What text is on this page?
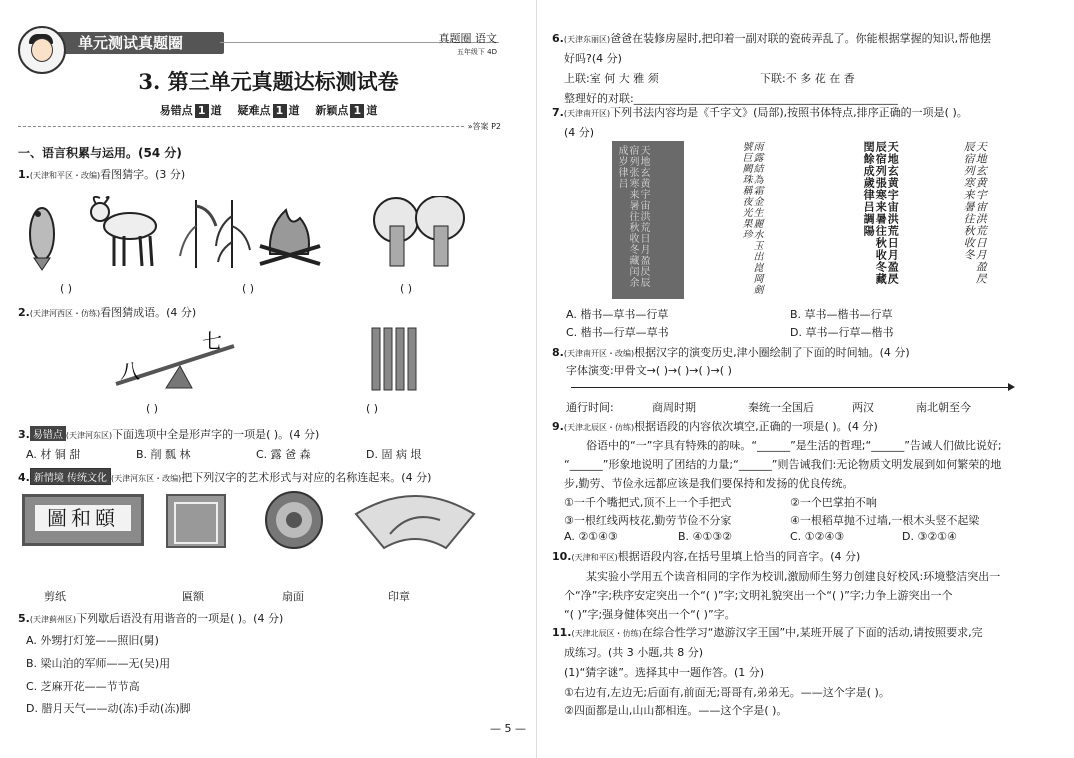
单元测试真题圈	真题圈 语文
五年级下 4D
3. 第三单元真题达标测试卷
易错点 1 道 疑难点 1 道 新颖点 1 道
»答案 P2
一、语言积累与运用。(54 分)
1.(天津和平区・改编)看图猜字。(3 分)
( )	( )	( )
2.(天津河西区・仿练)看图猜成语。(4 分)
八
七
( )	( )
3. 易错点 (天津河东区)下面选项中全是形声字的一项是( )。(4 分)
A. 材 铜 甜	B. 削 瓢 林	C. 露 爸 森	D. 固 病 垠
4. 新情境 传统文化 (天津河东区・改编)把下列汉字的艺术形式与对应的名称连起来。(4 分)
圖和頤
剪纸	匾额	扇面	印章
5.(天津蓟州区)下列歇后语没有用谐音的一项是( )。(4 分)
A. 外甥打灯笼——照旧(舅)
B. 梁山泊的军师——无(吴)用
C. 芝麻开花——节节高
D. 腊月天气——动(冻)手动(冻)脚
6.(天津东丽区)爸爸在装修房屋时,把印着一副对联的瓷砖弄乱了。你能根据掌握的知识,帮他摆
好吗?(4 分)
上联:室 何 大 雅 须	下联:不 多 花 在 香
整理好的对联:________________________________________________
7.(天津南开区)下列书法内容均是《千字文》(局部),按照书体特点,排序正确的一项是( )。
(4 分)
天地玄黄宇宙洪荒日月盈昃辰宿列张寒来暑往秋收冬藏闰余成岁律吕	雨露結為霜金生麗水玉出崑岡劍號巨闕珠稱夜光果珍	天地玄黄宇宙洪荒日月盈昃辰宿列張寒来暑往秋收冬藏閏餘成歲律吕調陽	天地玄黄宇宙洪荒日月盈昃辰宿列寒来暑往秋收冬
A. 楷书—草书—行草	B. 草书—楷书—行草
C. 楷书—行草—草书	D. 草书—行草—楷书
8.(天津南开区・改编)根据汉字的演变历史,津小圈绘制了下面的时间轴。(4 分)
字体演变:甲骨文→( )→( )→( )→( )
通行时间:	商周时期	秦统一全国后	两汉	南北朝至今
9.(天津北辰区・仿练)根据语段的内容依次填空,正确的一项是( )。(4 分)
俗语中的“一”字具有特殊的韵味。“______”是生活的哲理;“______”告诫人们做比说好;
“______”形象地说明了团结的力量;“______”则告诫我们:无论物质文明发展到如何繁荣的地
步,勤劳、节俭永远都应该是我们要保持和发扬的优良传统。
①一千个嘴把式,顶不上一个手把式	②一个巴掌拍不响
③一根红线两枝花,勤劳节俭不分家	④一根稻草抛不过墙,一根木头竖不起梁
A. ②①④③	B. ④①③②	C. ①②④③	D. ③②①④
10.(天津和平区)根据语段内容,在括号里填上恰当的同音字。(4 分)
某实验小学用五个读音相同的字作为校训,激励师生努力创建良好校风:环境整洁突出一
个“净”字;秩序安定突出一个“( )”字;文明礼貌突出一个“( )”字;力争上游突出一个
“( )”字;强身健体突出一个“( )”字。
11.(天津北辰区・仿练)在综合性学习“遨游汉字王国”中,某班开展了下面的活动,请按照要求,完
成练习。(共 3 小题,共 8 分)
(1)“猜字谜”。选择其中一题作答。(1 分)
①右边有,左边无;后面有,前面无;哥哥有,弟弟无。——这个字是( )。
②四面都是山,山山都相连。——这个字是( )。
— 5 —
